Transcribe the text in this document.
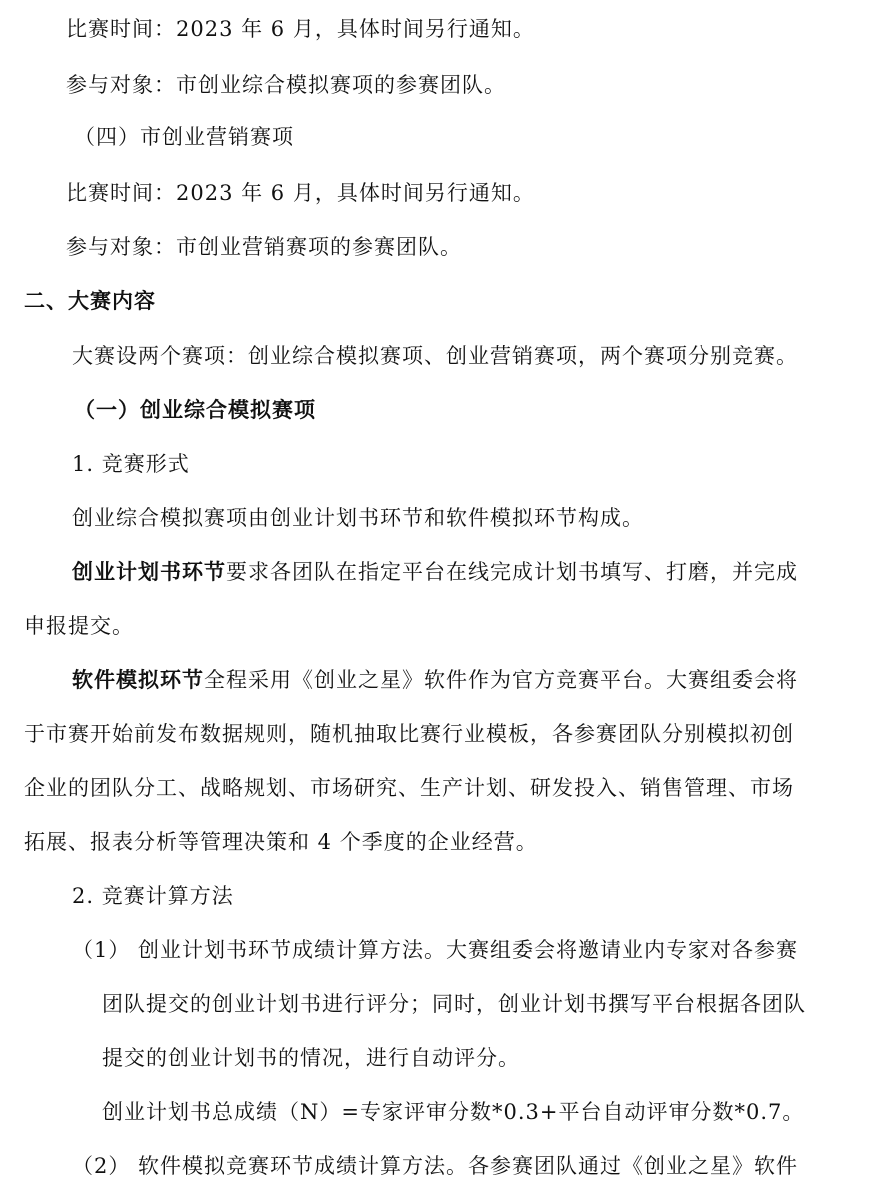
比赛时间：2023 年 6 月，具体时间另行通知。
参与对象：市创业综合模拟赛项的参赛团队。
（四）市创业营销赛项
比赛时间：2023 年 6 月，具体时间另行通知。
参与对象：市创业营销赛项的参赛团队。
二、大赛内容
大赛设两个赛项：创业综合模拟赛项、创业营销赛项，两个赛项分别竞赛。
（一）创业综合模拟赛项
1. 竞赛形式
创业综合模拟赛项由创业计划书环节和软件模拟环节构成。
创业计划书环节要求各团队在指定平台在线完成计划书填写、打磨，并完成
申报提交。
软件模拟环节全程采用《创业之星》软件作为官方竞赛平台。大赛组委会将
于市赛开始前发布数据规则，随机抽取比赛行业模板，各参赛团队分别模拟初创
企业的团队分工、战略规划、市场研究、生产计划、研发投入、销售管理、市场
拓展、报表分析等管理决策和 4 个季度的企业经营。
2. 竞赛计算方法
（1） 创业计划书环节成绩计算方法。大赛组委会将邀请业内专家对各参赛
团队提交的创业计划书进行评分；同时，创业计划书撰写平台根据各团队
提交的创业计划书的情况，进行自动评分。
创业计划书总成绩（N）=专家评审分数*0.3+平台自动评审分数*0.7。
（2） 软件模拟竞赛环节成绩计算方法。各参赛团队通过《创业之星》软件
